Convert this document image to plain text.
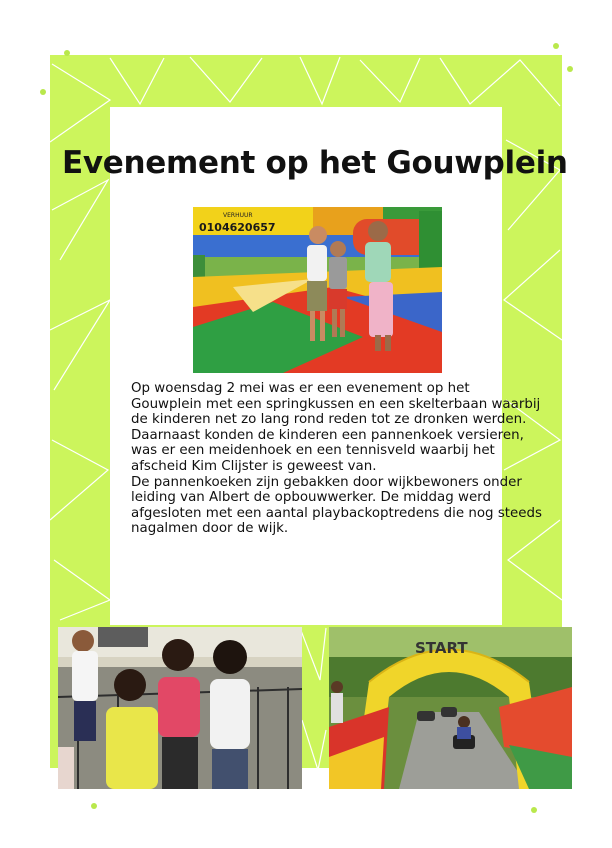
Evenement op het Gouwplein
VERHUUR
0104620657

Op woensdag 2 mei was er een evenement op het Gouwplein met een springkussen en een skelterbaan waarbij de kinderen net zo lang rond reden tot ze dronken werden. Daarnaast konden de kinderen een pannenkoek versieren, was er een meidenhoek en een tennisveld waarbij het afscheid Kim Clijster is geweest van.

De pannenkoeken zijn gebakken door wijkbewoners onder leiding van Albert de opbouwwerker. De middag werd afgesloten met een aantal playbackoptredens die nog steeds nagalmen door de wijk.

START
